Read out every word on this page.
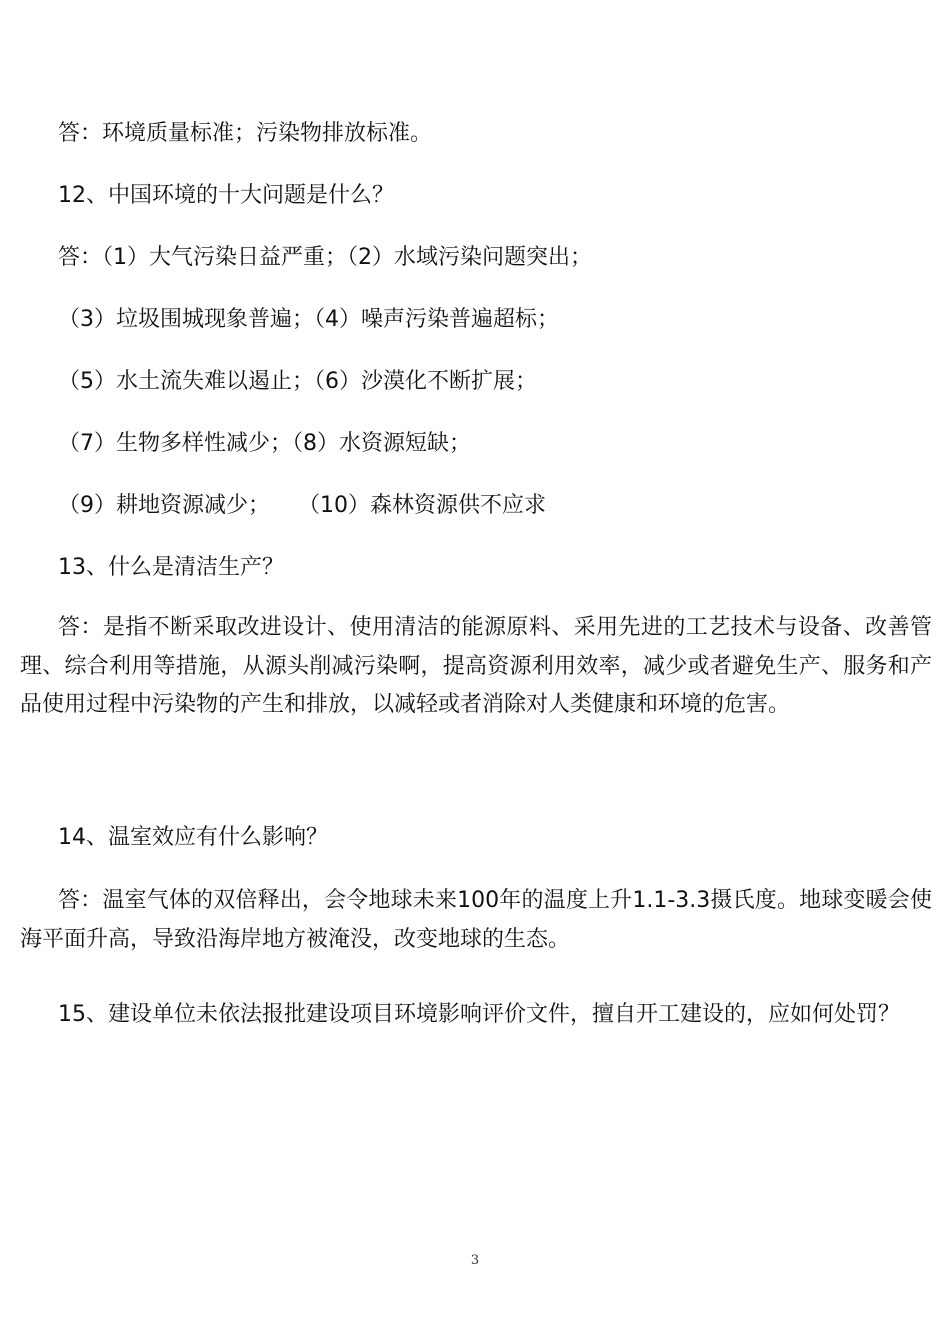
答：环境质量标准；污染物排放标准。
12、中国环境的十大问题是什么？
答：（1）大气污染日益严重；（2）水域污染问题突出；
（3）垃圾围城现象普遍；（4）噪声污染普遍超标；
（5）水土流失难以遏止；（6）沙漠化不断扩展；
（7）生物多样性减少；（8）水资源短缺；
（9）耕地资源减少；    （10）森林资源供不应求
13、什么是清洁生产？
答：是指不断采取改进设计、使用清洁的能源原料、采用先进的工艺技术与设备、改善管理、综合利用等措施，从源头削减污染啊，提高资源利用效率，减少或者避免生产、服务和产品使用过程中污染物的产生和排放，以减轻或者消除对人类健康和环境的危害。
14、温室效应有什么影响？
答：温室气体的双倍释出，会令地球未来100年的温度上升1.1-3.3摄氏度。地球变暖会使海平面升高，导致沿海岸地方被淹没，改变地球的生态。
15、建设单位未依法报批建设项目环境影响评价文件，擅自开工建设的，应如何处罚？
3
